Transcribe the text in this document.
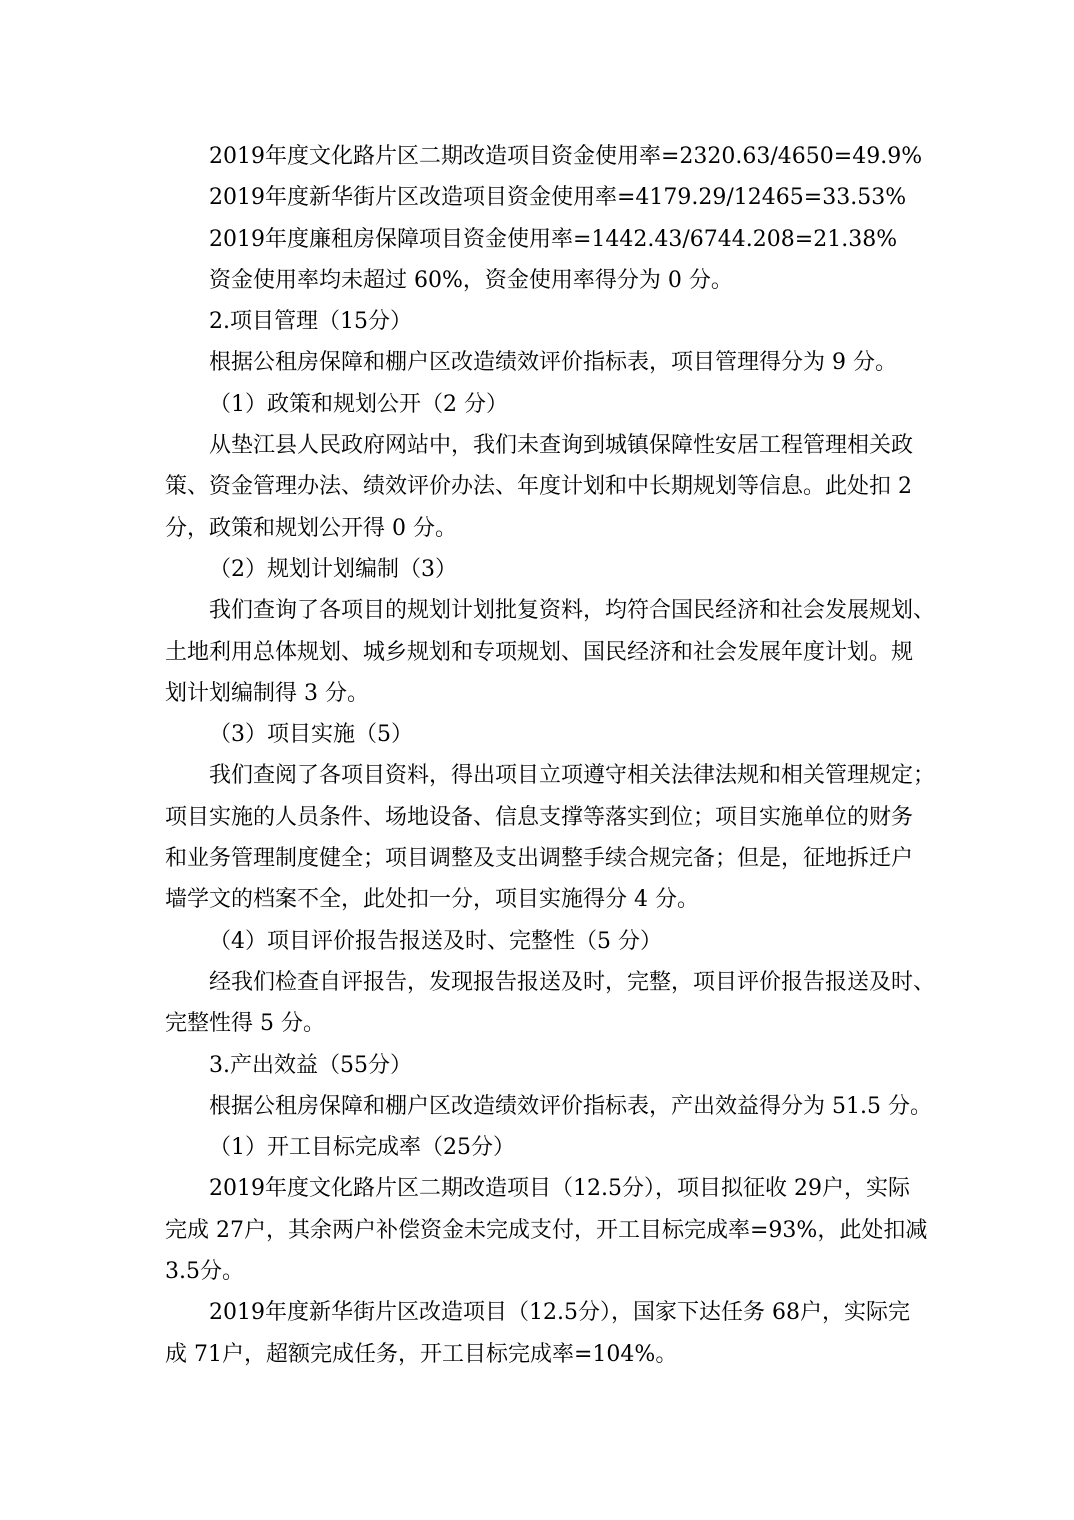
2019年度文化路片区二期改造项目资金使用率=2320.63/4650=49.9%
2019年度新华街片区改造项目资金使用率=4179.29/12465=33.53%
2019年度廉租房保障项目资金使用率=1442.43/6744.208=21.38%
资金使用率均未超过 60%，资金使用率得分为 0 分。
2.项目管理（15分）
根据公租房保障和棚户区改造绩效评价指标表，项目管理得分为 9 分。
（1）政策和规划公开（2 分）
从垫江县人民政府网站中，我们未查询到城镇保障性安居工程管理相关政
策、资金管理办法、绩效评价办法、年度计划和中长期规划等信息。此处扣 2
分，政策和规划公开得 0 分。
（2）规划计划编制（3）
我们查询了各项目的规划计划批复资料，均符合国民经济和社会发展规划、
土地利用总体规划、城乡规划和专项规划、国民经济和社会发展年度计划。规
划计划编制得 3 分。
（3）项目实施（5）
我们查阅了各项目资料，得出项目立项遵守相关法律法规和相关管理规定；
项目实施的人员条件、场地设备、信息支撑等落实到位；项目实施单位的财务
和业务管理制度健全；项目调整及支出调整手续合规完备；但是，征地拆迁户
墙学文的档案不全，此处扣一分，项目实施得分 4 分。
（4）项目评价报告报送及时、完整性（5 分）
经我们检查自评报告，发现报告报送及时，完整，项目评价报告报送及时、
完整性得 5 分。
3.产出效益（55分）
根据公租房保障和棚户区改造绩效评价指标表，产出效益得分为 51.5 分。
（1）开工目标完成率（25分）
2019年度文化路片区二期改造项目（12.5分），项目拟征收 29户，实际
完成 27户，其余两户补偿资金未完成支付，开工目标完成率=93%，此处扣减
3.5分。
2019年度新华街片区改造项目（12.5分），国家下达任务 68户，实际完
成 71户，超额完成任务，开工目标完成率=104%。
